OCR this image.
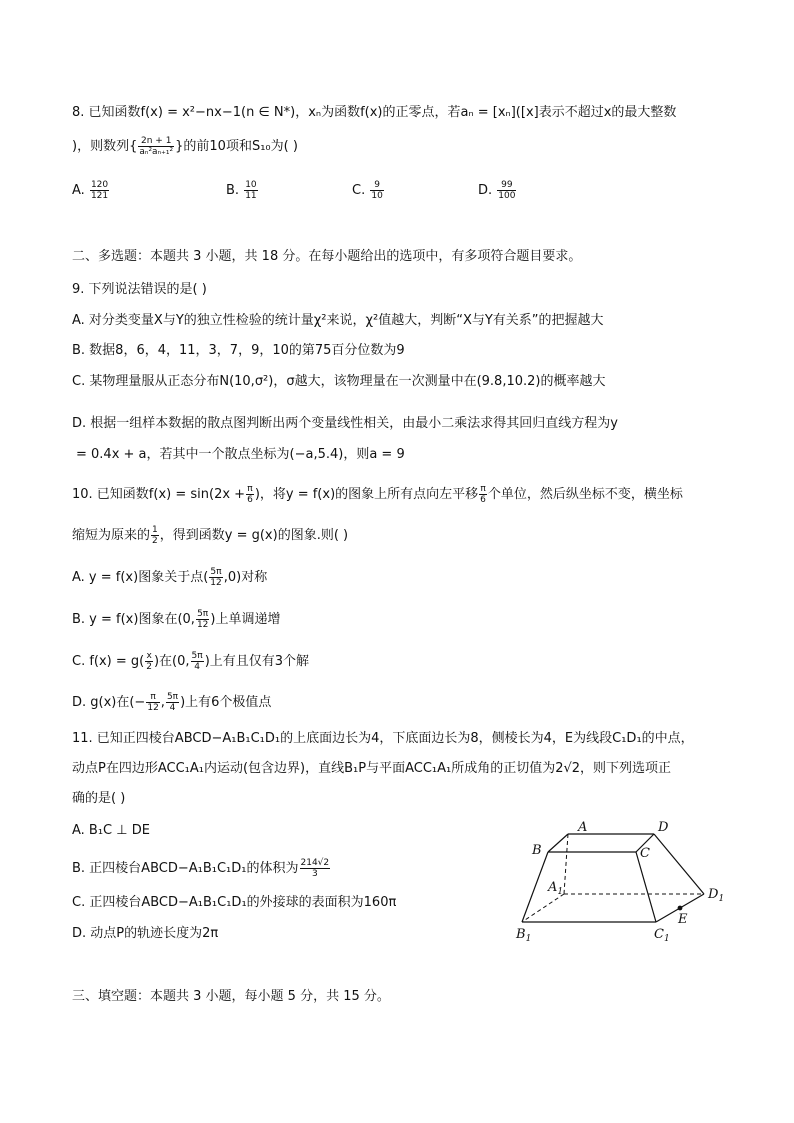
8. 已知函数f(x) = x²−nx−1(n ∈ N*)，xₙ为函数f(x)的正零点，若aₙ = [xₙ]([x]表示不超过x的最大整数
)，则数列{ $\frac{2n + 1}{\text{aₙ²aₙ₊₁²}}$ }的前10项和S₁₀为( )
A. $\frac{120}{121}$	B. $\frac{10}{11}$	C. $\frac{9}{10}$	D. $\frac{99}{100}$
二、多选题：本题共 3 小题，共 18 分。在每小题给出的选项中，有多项符合题目要求。
9. 下列说法错误的是( )
A. 对分类变量X与Y的独立性检验的统计量χ²来说，χ²值越大，判断“X与Y有关系”的把握越大
B. 数据8，6，4，11，3，7，9，10的第75百分位数为9
C. 某物理量服从正态分布N(10,σ²)，σ越大，该物理量在一次测量中在(9.8,10.2)的概率越大
D. 根据一组样本数据的散点图判断出两个变量线性相关，由最小二乘法求得其回归直线方程为y
= 0.4x + a，若其中一个散点坐标为(−a,5.4)，则a = 9
10. 已知函数$f(x) = \sin(2x + \frac{\pi}{6}$ )，将y = f(x)的图象上所有点向左平移 $\frac{\pi}{6}$ 个单位，然后纵坐标不变，横坐标
缩短为原来的 $\frac{1}{2}$ ，得到函数y = g(x)的图象.则( )
A. y = f(x)图象关于点( $\frac{5\pi}{12} ,0$)对称
B. y = f(x)图象在(0, $\frac{5\pi}{12}$ )上单调递增
C. $f(x) = g( \frac{x}{2}$ )在(0, $\frac{5\pi}{4}$ )上有且仅有3个解
D. g(x)在(− $\frac{\pi}{12}$ , $\frac{5\pi}{4}$ )上有6个极值点
11. 已知正四棱台ABCD−A₁B₁C₁D₁的上底面边长为4，下底面边长为8，侧棱长为4，E为线段C₁D₁的中点，
动点P在四边形ACC₁A₁内运动(包含边界)，直线B₁P与平面ACC₁A₁所成角的正切值为2√2，则下列选项正
确的是( )
A. B₁C ⊥ DE
B. 正四棱台ABCD−A₁B₁C₁D₁的体积为 $\frac{214√2}{3}$
C. 正四棱台ABCD−A₁B₁C₁D₁的外接球的表面积为160π
D. 动点P的轨迹长度为2π
A	D
B	C
$A_1$	$D_1$
$B_1$	$C_1$
E
三、填空题：本题共 3 小题，每小题 5 分，共 15 分。
